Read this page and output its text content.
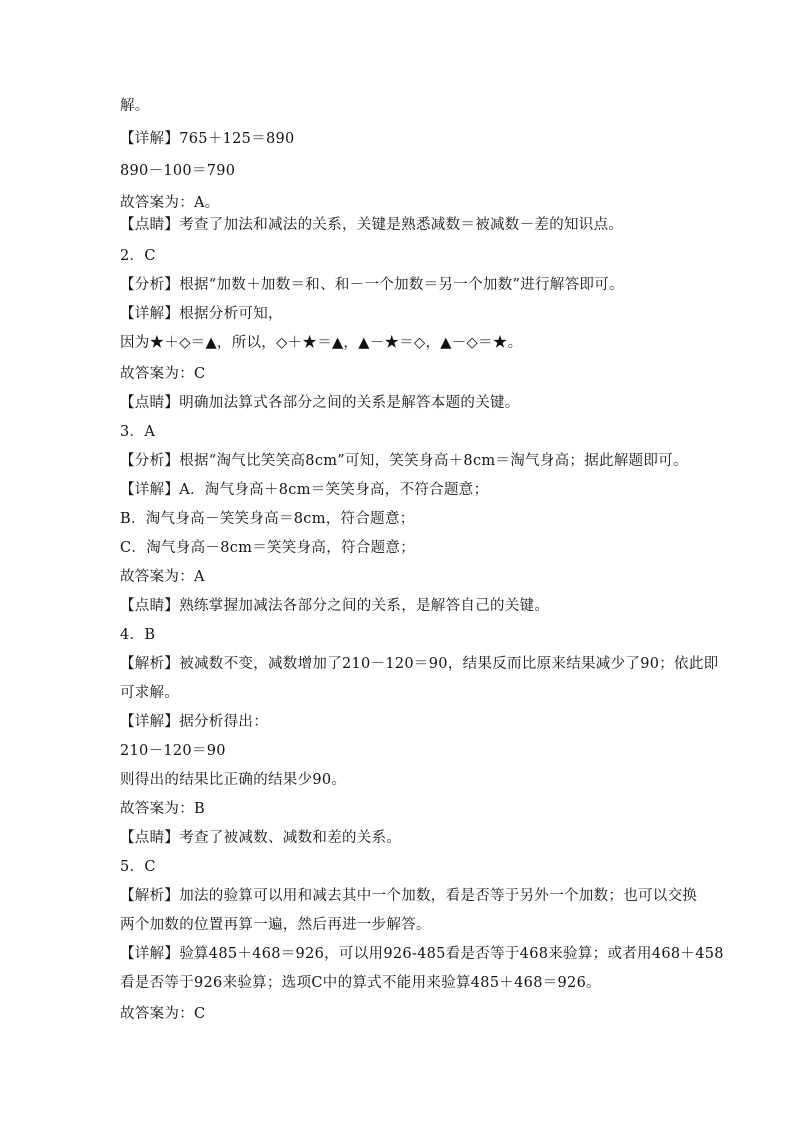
解。
【详解】765＋125＝890
890－100＝790
故答案为：A。
【点睛】考查了加法和减法的关系，关键是熟悉减数＝被减数－差的知识点。
2．C
【分析】根据“加数＋加数＝和、和－一个加数＝另一个加数”进行解答即可。
【详解】根据分析可知，
因为★＋◇＝▲，所以，◇＋★＝▲，▲－★＝◇，▲－◇＝★。
故答案为：C
【点睛】明确加法算式各部分之间的关系是解答本题的关键。
3．A
【分析】根据“淘气比笑笑高8cm”可知，笑笑身高＋8cm＝淘气身高；据此解题即可。
【详解】A．淘气身高＋8cm＝笑笑身高，不符合题意；
B．淘气身高－笑笑身高＝8cm，符合题意；
C．淘气身高－8cm＝笑笑身高，符合题意；
故答案为：A
【点睛】熟练掌握加减法各部分之间的关系，是解答自己的关键。
4．B
【解析】被减数不变，减数增加了210－120＝90，结果反而比原来结果减少了90；依此即
可求解。
【详解】据分析得出：
210－120＝90
则得出的结果比正确的结果少90。
故答案为：B
【点睛】考查了被减数、减数和差的关系。
5．C
【解析】加法的验算可以用和减去其中一个加数，看是否等于另外一个加数；也可以交换
两个加数的位置再算一遍，然后再进一步解答。
【详解】验算485＋468＝926，可以用926-485看是否等于468来验算；或者用468＋458
看是否等于926来验算；选项C中的算式不能用来验算485＋468＝926。
故答案为：C
